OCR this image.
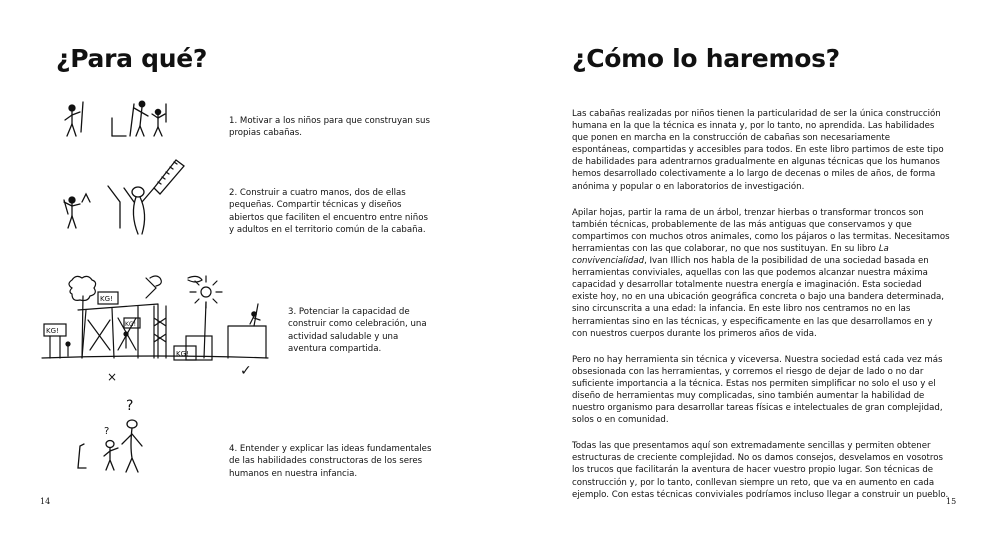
¿Para qué?
1. Motivar a los niños para que construyan sus propias cabañas.
2. Construir a cuatro manos, dos de ellas pequeñas. Compartir técnicas y diseños abiertos que faciliten el encuentro entre niños y adultos en el territorio común de la cabaña.
KG!
KG!
KG!
KG!
3. Potenciar la capacidad de construir como celebración, una actividad saludable y una aventura compartida.
×	✓
?
?
4. Entender y explicar las ideas fundamentales de las habilidades constructoras de los seres humanos en nuestra infancia.
14
¿Cómo lo haremos?

Las cabañas realizadas por niños tienen la particularidad de ser la única construcción humana en la que la técnica es innata y, por lo tanto, no aprendida. Las habilidades que ponen en marcha en la construcción de cabañas son necesariamente espontáneas, compartidas y accesibles para todos. En este libro partimos de este tipo de habilidades para adentrarnos gradualmente en algunas técnicas que los humanos hemos desarrollado colectivamente a lo largo de decenas o miles de años, de forma anónima y popular o en laboratorios de investigación.

Apilar hojas, partir la rama de un árbol, trenzar hierbas o transformar troncos son también técnicas, probablemente de las más antiguas que conservamos y que compartimos con muchos otros animales, como los pájaros o las termitas. Necesitamos herramientas con las que colaborar, no que nos sustituyan. En su libro La convivencialidad, Ivan Illich nos habla de la posibilidad de una sociedad basada en herramientas conviviales, aquellas con las que podemos alcanzar nuestra máxima capacidad y desarrollar totalmente nuestra energía e imaginación. Esta sociedad existe hoy, no en una ubicación geográfica concreta o bajo una bandera determinada, sino circunscrita a una edad: la infancia. En este libro nos centramos no en las herramientas sino en las técnicas, y especificamente en las que desarrollamos en y con nuestros cuerpos durante los primeros años de vida.

Pero no hay herramienta sin técnica y viceversa. Nuestra sociedad está cada vez más obsesionada con las herramientas, y corremos el riesgo de dejar de lado o no dar suficiente importancia a la técnica. Estas nos permiten simplificar no solo el uso y el diseño de herramientas muy complicadas, sino también aumentar la habilidad de nuestro organismo para desarrollar tareas físicas e intelectuales de gran complejidad, solos o en comunidad.

Todas las que presentamos aquí son extremadamente sencillas y permiten obtener estructuras de creciente complejidad. No os damos consejos, desvelamos en vosotros los trucos que facilitarán la aventura de hacer vuestro propio lugar. Son técnicas de construcción y, por lo tanto, conllevan siempre un reto, que va en aumento en cada ejemplo. Con estas técnicas conviviales podríamos incluso llegar a construir un pueblo.

15
